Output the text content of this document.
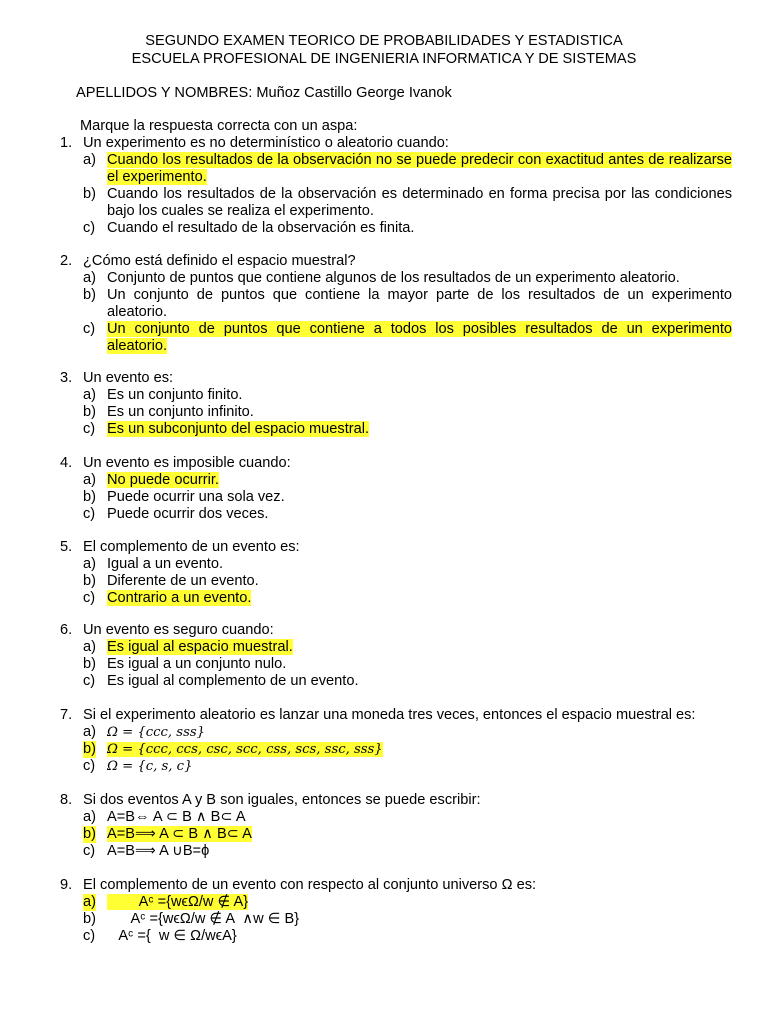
SEGUNDO EXAMEN TEORICO DE PROBABILIDADES Y ESTADISTICA
ESCUELA PROFESIONAL DE INGENIERIA INFORMATICA Y DE SISTEMAS
APELLIDOS Y NOMBRES: Muñoz Castillo George Ivanok
Marque la respuesta correcta con un aspa:
1. Un experimento es no determinístico o aleatorio cuando:
a) Cuando los resultados de la observación no se puede predecir con exactitud antes de realizarse el experimento.
b) Cuando los resultados de la observación es determinado en forma precisa por las condiciones bajo los cuales se realiza el experimento.
c) Cuando el resultado de la observación es finita.
2. ¿Cómo está definido el espacio muestral?
a) Conjunto de puntos que contiene algunos de los resultados de un experimento aleatorio.
b) Un conjunto de puntos que contiene la mayor parte de los resultados de un experimento aleatorio.
c) Un conjunto de puntos que contiene a todos los posibles resultados de un experimento aleatorio.
3. Un evento es:
a) Es un conjunto finito.
b) Es un conjunto infinito.
c) Es un subconjunto del espacio muestral.
4. Un evento es imposible cuando:
a) No puede ocurrir.
b) Puede ocurrir una sola vez.
c) Puede ocurrir dos veces.
5. El complemento de un evento es:
a) Igual a un evento.
b) Diferente de un evento.
c) Contrario a un evento.
6. Un evento es seguro cuando:
a) Es igual al espacio muestral.
b) Es igual a un conjunto nulo.
c) Es igual al complemento de un evento.
7. Si el experimento aleatorio es lanzar una moneda tres veces, entonces el espacio muestral es:
a) Ω = {ccc, sss}
b) Ω = {ccc, ccs, csc, scc, css, scs, ssc, sss}
c) Ω = {c, s, c}
8. Si dos eventos A y B son iguales, entonces se puede escribir:
a) A=B⇔ A ⊂ B ∧ B⊂ A
b) A=B⟹ A ⊂ B ∧ B⊂ A
c) A=B⟹ A ∪B=ϕ
9. El complemento de un evento con respecto al conjunto universo Ω es:
a) Aᶜ ={wϵΩ/w ∉ A}
b) Aᶜ ={wϵΩ/w ∉ A  ∧w ∈ B}
c) Aᶜ ={  w ∈ Ω/wϵA}
